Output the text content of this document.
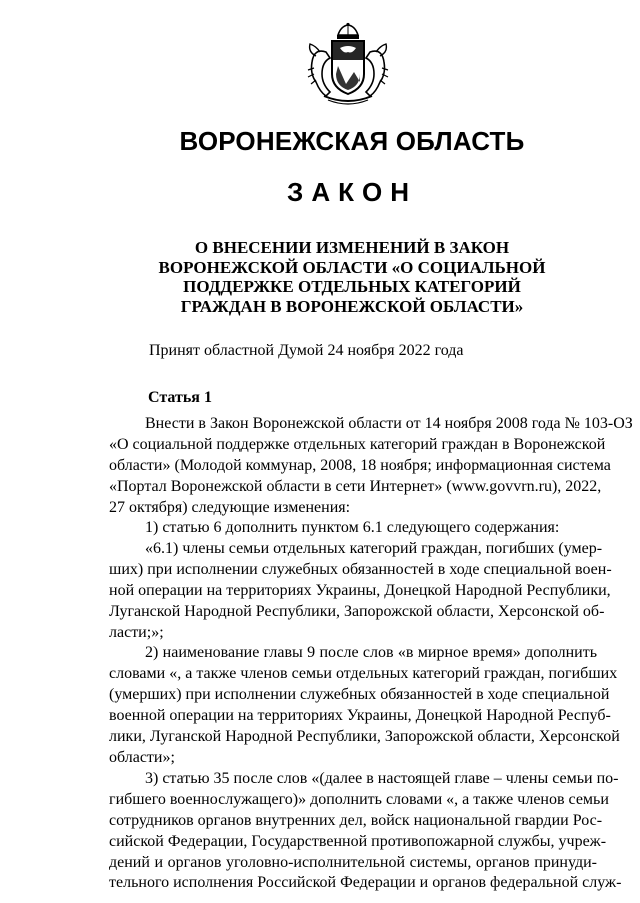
ВОРОНЕЖСКАЯ ОБЛАСТЬ
ЗАКОН
О ВНЕСЕНИИ ИЗМЕНЕНИЙ В ЗАКОН
ВОРОНЕЖСКОЙ ОБЛАСТИ «О СОЦИАЛЬНОЙ
ПОДДЕРЖКЕ ОТДЕЛЬНЫХ КАТЕГОРИЙ
ГРАЖДАН В ВОРОНЕЖСКОЙ ОБЛАСТИ»
Принят областной Думой 24 ноября 2022 года
Статья 1
Внести в Закон Воронежской области от 14 ноября 2008 года № 103-ОЗ
«О социальной поддержке отдельных категорий граждан в Воронежской
области» (Молодой коммунар, 2008, 18 ноября; информационная система
«Портал Воронежской области в сети Интернет» (www.govvrn.ru), 2022,
27 октября) следующие изменения:
1) статью 6 дополнить пунктом 6.1 следующего содержания:
«6.1) члены семьи отдельных категорий граждан, погибших (умер-
ших) при исполнении служебных обязанностей в ходе специальной воен-
ной операции на территориях Украины, Донецкой Народной Республики,
Луганской Народной Республики, Запорожской области, Херсонской об-
ласти;»;
2) наименование главы 9 после слов «в мирное время» дополнить
словами «, а также членов семьи отдельных категорий граждан, погибших
(умерших) при исполнении служебных обязанностей в ходе специальной
военной операции на территориях Украины, Донецкой Народной Респуб-
лики, Луганской Народной Республики, Запорожской области, Херсонской
области»;
3) статью 35 после слов «(далее в настоящей главе – члены семьи по-
гибшего военнослужащего)» дополнить словами «, а также членов семьи
сотрудников органов внутренних дел, войск национальной гвардии Рос-
сийской Федерации, Государственной противопожарной службы, учреж-
дений и органов уголовно-исполнительной системы, органов принуди-
тельного исполнения Российской Федерации и органов федеральной служ-
